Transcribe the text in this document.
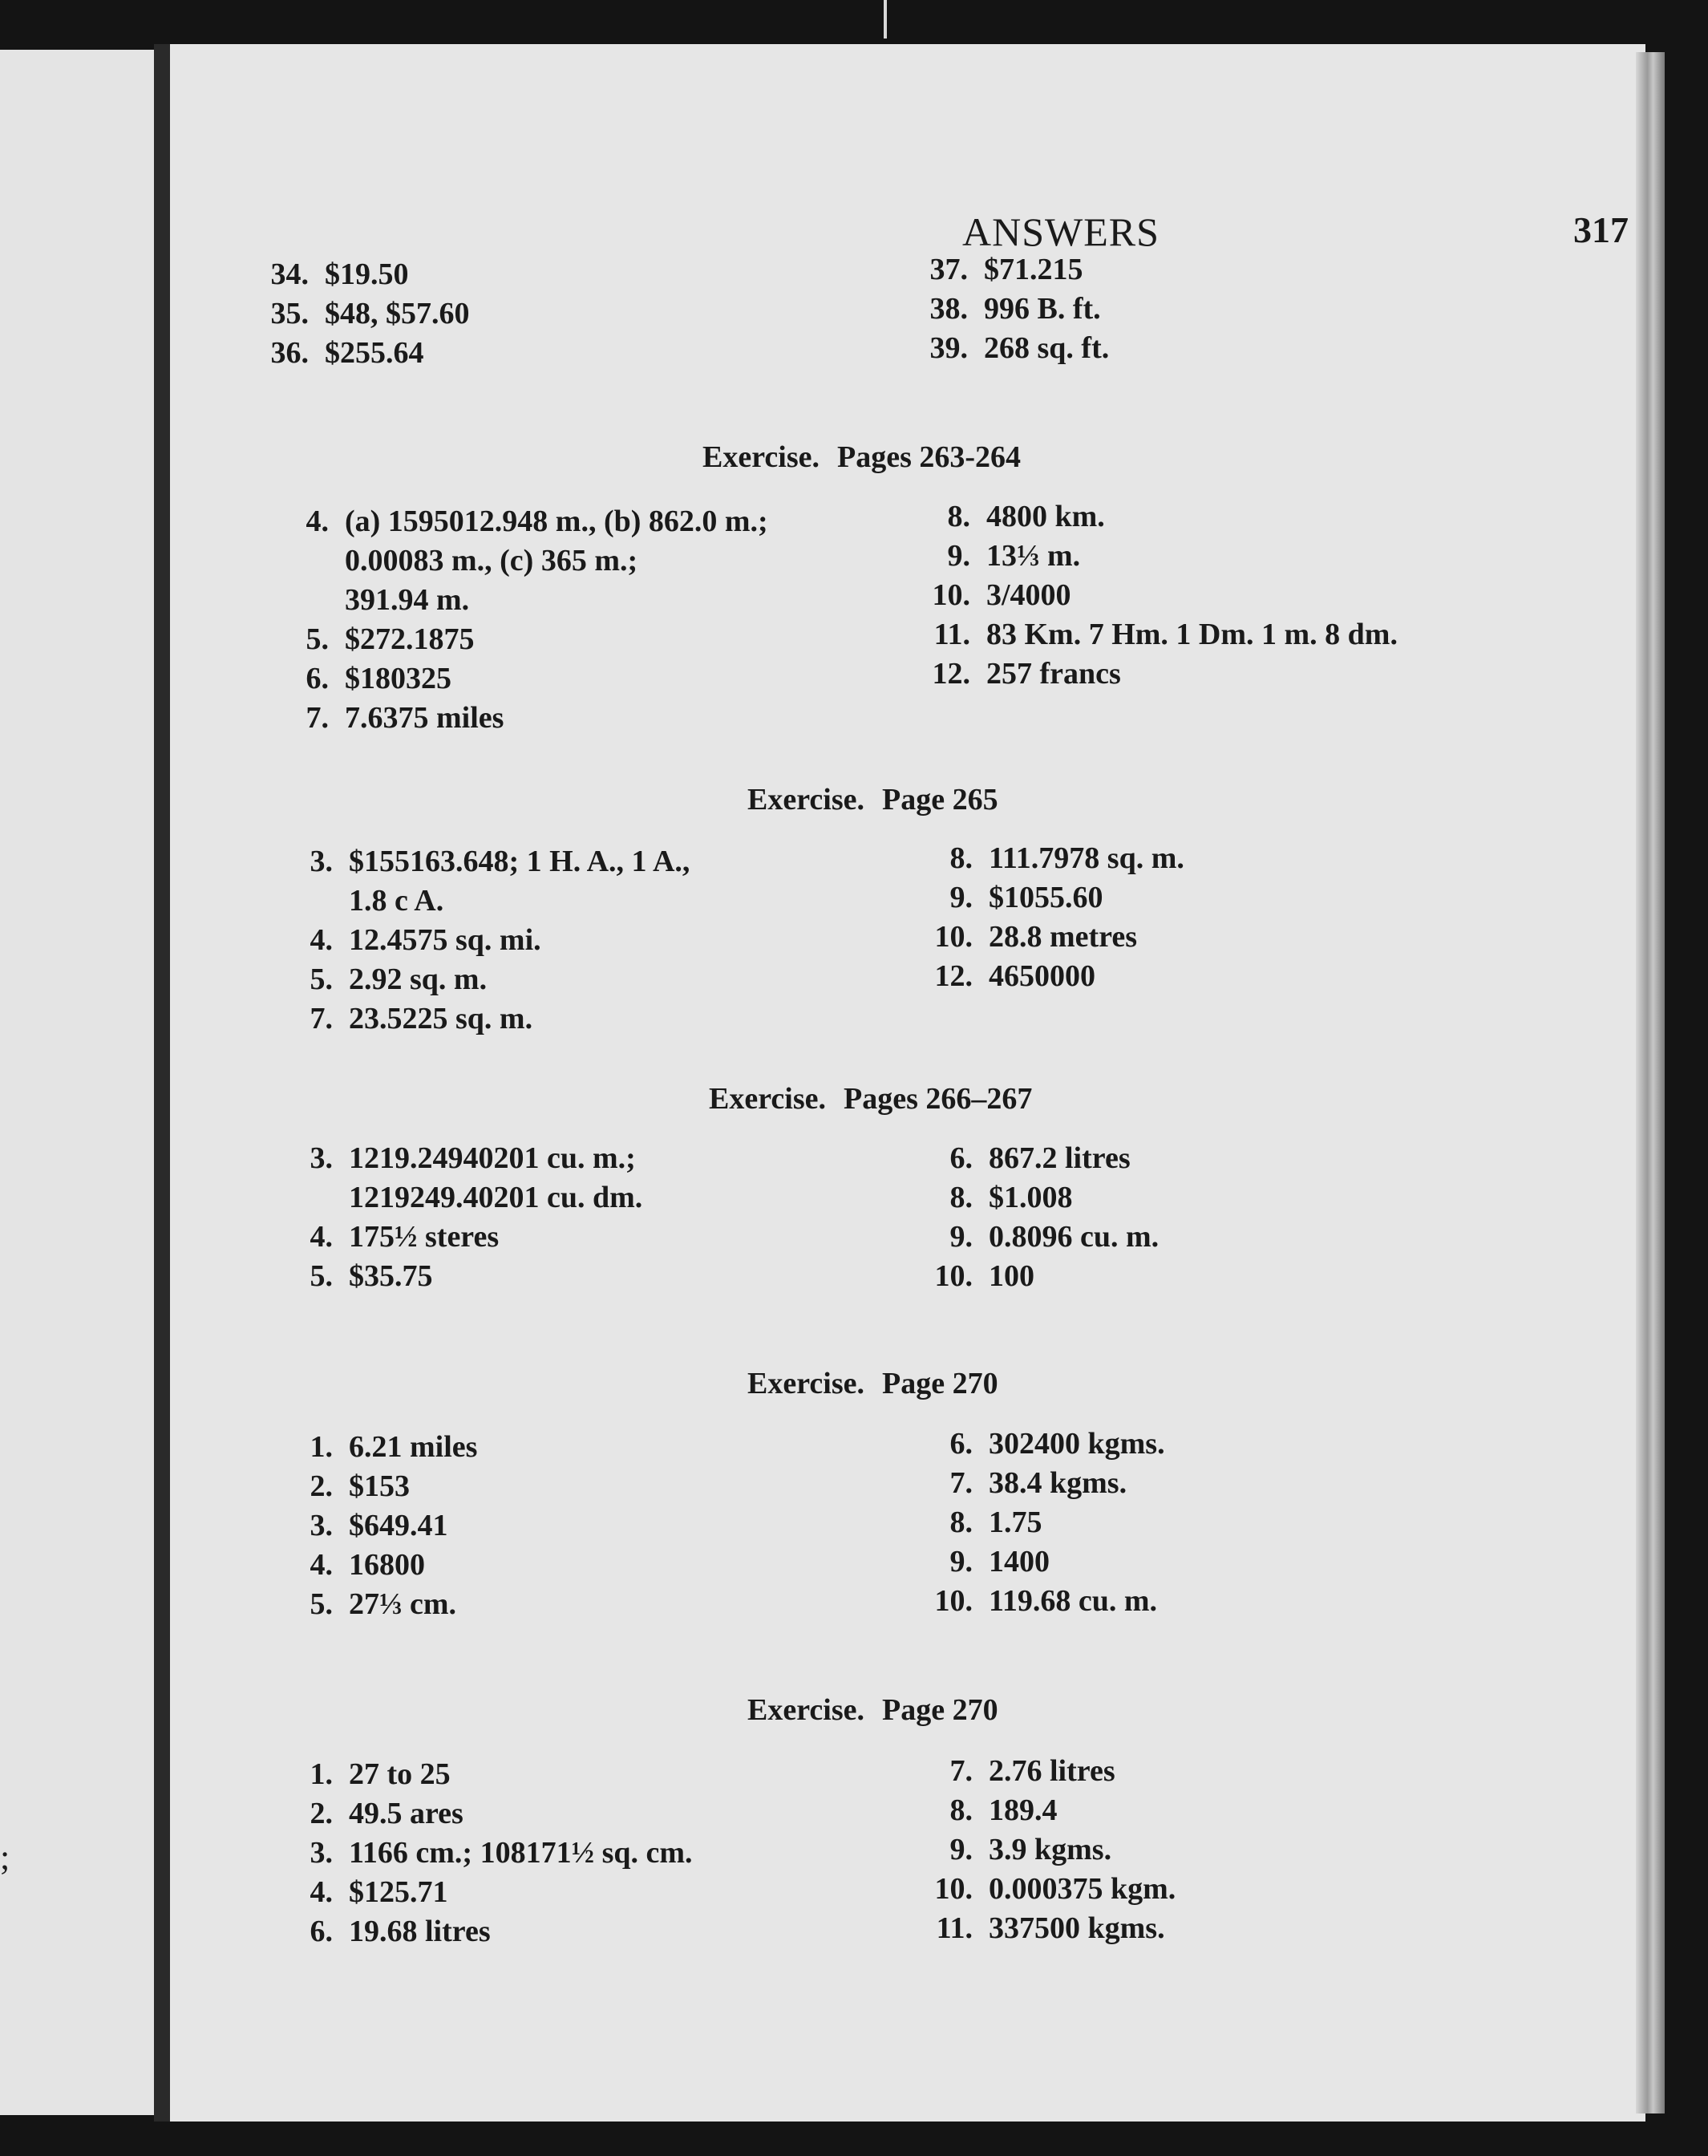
;
ANSWERS	317
34. $19.50
35. $48, $57.60
36. $255.64
37. $71.215
38. 996 B. ft.
39. 268 sq. ft.
Exercise. Pages 263-264
4. (a) 1595012.948 m., (b) 862.0 m.;
0.00083 m., (c) 365 m.;
391.94 m.
5. $272.1875
6. $180325
7. 7.6375 miles
8. 4800 km.
9. 13⅓ m.
10. 3/4000
11. 83 Km. 7 Hm. 1 Dm. 1 m. 8 dm.
12. 257 francs
Exercise. Page 265
3. $155163.648; 1 H. A., 1 A.,
1.8 c A.
4. 12.4575 sq. mi.
5. 2.92 sq. m.
7. 23.5225 sq. m.
8. 111.7978 sq. m.
9. $1055.60
10. 28.8 metres
12. 4650000
Exercise. Pages 266–267
3. 1219.24940201 cu. m.;
1219249.40201 cu. dm.
4. 175½ steres
5. $35.75
6. 867.2 litres
8. $1.008
9. 0.8096 cu. m.
10. 100
Exercise. Page 270
1. 6.21 miles
2. $153
3. $649.41
4. 16800
5. 27⅓ cm.
6. 302400 kgms.
7. 38.4 kgms.
8. 1.75
9. 1400
10. 119.68 cu. m.
Exercise. Page 270
1. 27 to 25
2. 49.5 ares
3. 1166 cm.; 108171½ sq. cm.
4. $125.71
6. 19.68 litres
7. 2.76 litres
8. 189.4
9. 3.9 kgms.
10. 0.000375 kgm.
11. 337500 kgms.
